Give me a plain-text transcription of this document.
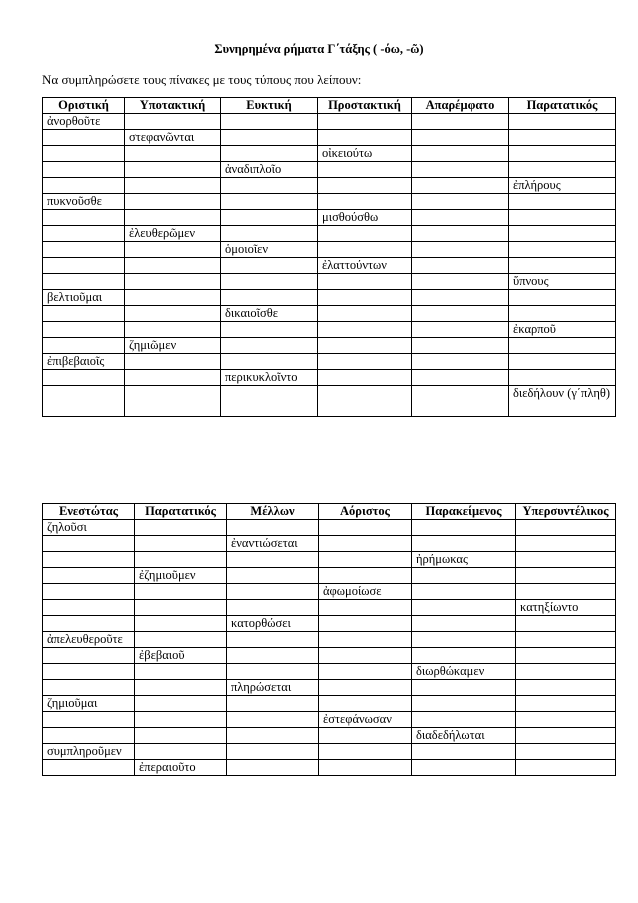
Συνηρημένα ρήματα Γ΄τάξης ( -όω, -ῶ)
Να συμπληρώσετε τους πίνακες με τους τύπους που λείπουν:
Οριστική	Υποτακτική	Ευκτική	Προστακτική	Απαρέμφατο	Παρατατικός
ἀνορθοῦτε					
	στεφανῶνται				
			οἰκειούτω		
		ἀναδιπλοῖο			
					ἐπλήρους
πυκνοῦσθε					
			μισθούσθω		
	ἐλευθερῶμεν				
		ὁμοιοῖεν			
			ἐλαττούντων		
					ὕπνους
βελτιοῦμαι					
		δικαιοῖσθε			
					ἐκαρποῦ
	ζημιῶμεν				
ἐπιβεβαιοῖς					
		περικυκλοῖντο			
					διεδήλουν (γ΄πληθ)
Ενεστώτας	Παρατατικός	Μέλλων	Αόριστος	Παρακείμενος	Υπερσυντέλικος
ζηλοῦσι					
		ἐναντιώσεται			
				ἠρήμωκας	
	ἐζημιοῦμεν				
			ἀφωμοίωσε		
					κατηξίωντο
		κατορθώσει			
ἀπελευθεροῦτε					
	ἐβεβαιοῦ				
				διωρθώκαμεν	
		πληρώσεται			
ζημιοῦμαι					
			ἐστεφάνωσαν		
				διαδεδήλωται	
συμπληροῦμεν					
	ἐπεραιοῦτο				
